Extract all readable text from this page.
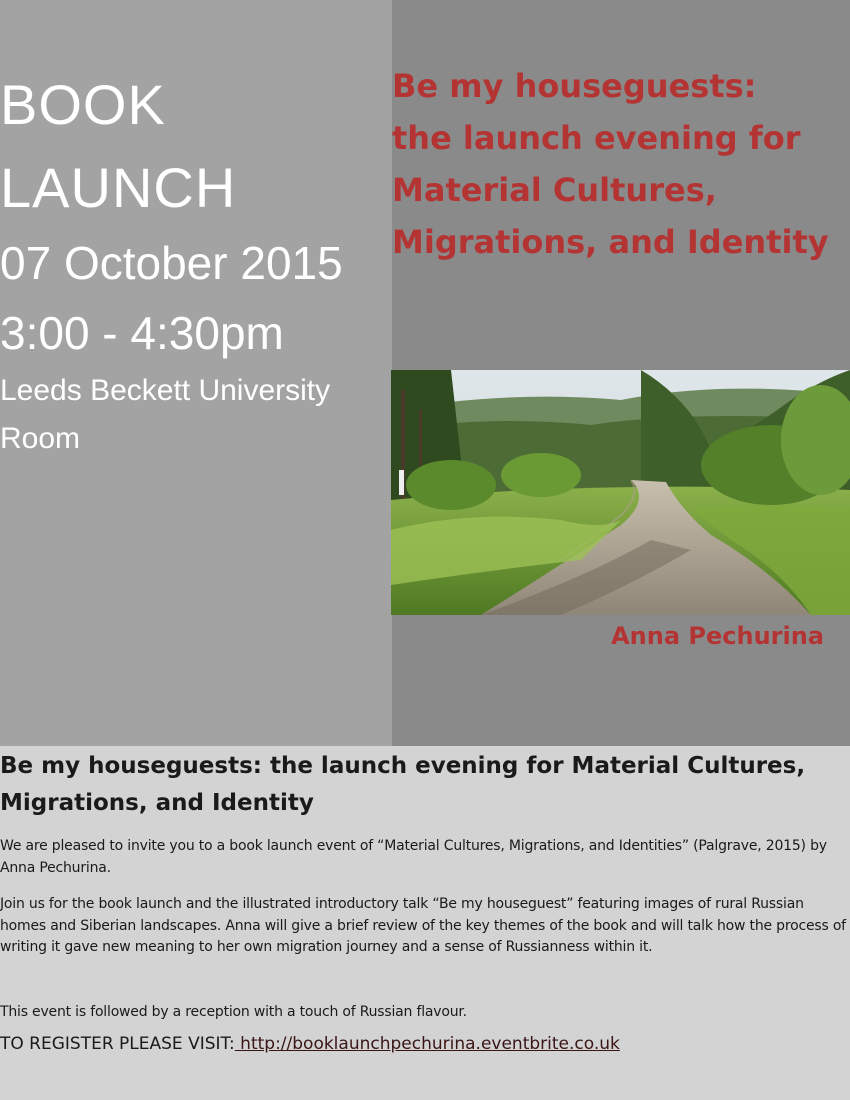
BOOK
LAUNCH

07 October 2015

3:00 - 4:30pm

Leeds Beckett University

Room

Be my houseguests:
the launch evening for
Material Cultures,
Migrations, and Identity

Anna Pechurina

Be my houseguests: the launch evening for Material Cultures, Migrations, and Identity

We are pleased to invite you to a book launch event of “Material Cultures, Migrations, and Identities” (Palgrave, 2015) by Anna Pechurina.

Join us for the book launch and the illustrated introductory talk “Be my houseguest” featuring images of rural Russian homes and Siberian landscapes. Anna will give a brief review of the key themes of the book and will talk how the process of writing it gave new meaning to her own migration journey and a sense of Russianness within it.

This event is followed by a reception with a touch of Russian flavour.

TO REGISTER PLEASE VISIT: http://booklaunchpechurina.eventbrite.co.uk
